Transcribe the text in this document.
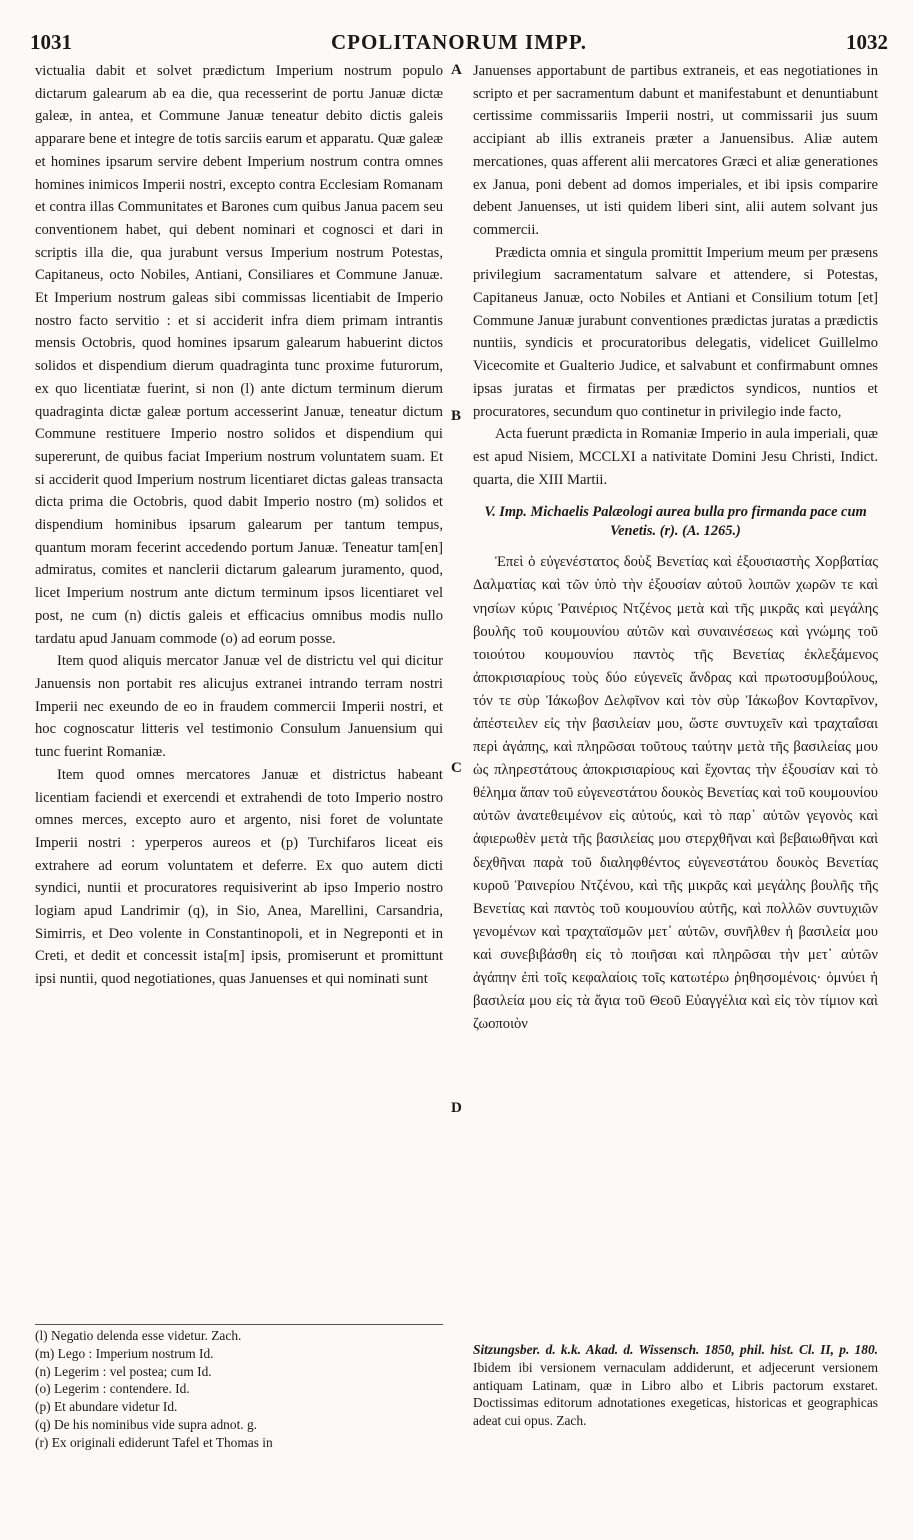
1031	CPOLITANORUM IMPP.	1032
A
B
C
D

victualia dabit et solvet prædictum Imperium nostrum populo dictarum galearum ab ea die, qua recesserint de portu Januæ dictæ galeæ, in antea, et Commune Januæ teneatur debito dictis galeis apparare bene et integre de totis sarciis earum et apparatu. Quæ galeæ et homines ipsarum servire debent Imperium nostrum contra omnes homines inimicos Imperii nostri, excepto contra Ecclesiam Romanam et contra illas Communitates et Barones cum quibus Janua pacem seu conventionem habet, qui debent nominari et cognosci et dari in scriptis illa die, qua jurabunt versus Imperium nostrum Potestas, Capitaneus, octo Nobiles, Antiani, Consiliares et Commune Januæ. Et Imperium nostrum galeas sibi commissas licentiabit de Imperio nostro facto servitio : et si acciderit infra diem primam intrantis mensis Octobris, quod homines ipsarum galearum habuerint dictos solidos et dispendium dierum quadraginta tunc proxime futurorum, ex quo licentiatæ fuerint, si non (l) ante dictum terminum dierum quadraginta dictæ galeæ portum accesserint Januæ, teneatur dictum Commune restituere Imperio nostro solidos et dispendium qui supererunt, de quibus faciat Imperium nostrum voluntatem suam. Et si acciderit quod Imperium nostrum licentiaret dictas galeas transacta dicta prima die Octobris, quod dabit Imperio nostro (m) solidos et dispendium hominibus ipsarum galearum per tantum tempus, quantum moram fecerint accedendo portum Januæ. Teneatur tam[en] admiratus, comites et nanclerii dictarum galearum juramento, quod, licet Imperium nostrum ante dictum terminum ipsos licentiaret vel post, ne cum (n) dictis galeis et efficacius omnibus modis nullo tardatu apud Januam commode (o) ad eorum posse.

Item quod aliquis mercator Januæ vel de districtu vel qui dicitur Januensis non portabit res alicujus extranei intrando terram nostri Imperii nec exeundo de eo in fraudem commercii Imperii nostri, et hoc cognoscatur litteris vel testimonio Consulum Januensium qui tunc fuerint Romaniæ.

Item quod omnes mercatores Januæ et districtus habeant licentiam faciendi et exercendi et extrahendi de toto Imperio nostro omnes merces, excepto auro et argento, nisi foret de voluntate Imperii nostri : yperperos aureos et (p) Turchifaros liceat eis extrahere ad eorum voluntatem et deferre. Ex quo autem dicti syndici, nuntii et procuratores requisiverint ab ipso Imperio nostro logiam apud Landrimir (q), in Sio, Anea, Marellini, Carsandria, Simirris, et Deo volente in Constantinopoli, et in Negreponti et in Creti, et dedit et concessit ista[m] ipsis, promiserunt et promittunt ipsi nuntii, quod negotiationes, quas Januenses et qui nominati sunt

Januenses apportabunt de partibus extraneis, et eas negotiationes in scripto et per sacramentum dabunt et manifestabunt et denuntiabunt certissime commissariis Imperii nostri, ut commissarii jus suum accipiant ab illis extraneis præter a Januensibus. Aliæ autem mercationes, quas afferent alii mercatores Græci et aliæ generationes ex Janua, poni debent ad domos imperiales, et ibi ipsis comparire debent Januenses, ut isti quidem liberi sint, alii autem solvant jus commercii.

Prædicta omnia et singula promittit Imperium meum per præsens privilegium sacramentatum salvare et attendere, si Potestas, Capitaneus Januæ, octo Nobiles et Antiani et Consilium totum [et] Commune Januæ jurabunt conventiones prædictas juratas a prædictis nuntiis, syndicis et procuratoribus delegatis, videlicet Guillelmo Vicecomite et Gualterio Judice, et salvabunt et confirmabunt omnes ipsas juratas et firmatas per prædictos syndicos, nuntios et procuratores, secundum quo continetur in privilegio inde facto,

Acta fuerunt prædicta in Romaniæ Imperio in aula imperiali, quæ est apud Nisiem, MCCLXI a nativitate Domini Jesu Christi, Indict. quarta, die XIII Martii.

V. Imp. Michaelis Palæologi aurea bulla pro firmanda pace cum Venetis. (r). (A. 1265.)

Ἐπεὶ ὁ εὐγενέστατος δοὺξ Βενετίας καὶ ἐξουσιαστὴς Χορβατίας Δαλματίας καὶ τῶν ὑπὸ τὴν ἐξουσίαν αὐτοῦ λοιπῶν χωρῶν τε καὶ νησίων κύρις Ῥαινέριος Ντζένος μετὰ καὶ τῆς μικρᾶς καὶ μεγάλης βουλῆς τοῦ κουμουνίου αὐτῶν καὶ συναινέσεως καὶ γνώμης τοῦ τοιούτου κουμουνίου παντὸς τῆς Βενετίας ἐκλεξάμενος ἀποκρισιαρίους τοὺς δύο εὐγενεῖς ἄνδρας καὶ πρωτοσυμβούλους, τόν τε σὺρ Ἰάκωβον Δελφῖνον καὶ τὸν σὺρ Ἰάκωβον Κονταρῖνον, ἀπέστειλεν εἰς τὴν βασιλείαν μου, ὥστε συντυχεῖν καὶ τραχταΐσαι περὶ ἀγάπης, καὶ πληρῶσαι τοῦτους ταύτην μετὰ τῆς βασιλείας μου ὡς πληρεστάτους ἀποκρισιαρίους καὶ ἔχοντας τὴν ἐξουσίαν καὶ τὸ θέλημα ἅπαν τοῦ εὐγενεστάτου δουκὸς Βενετίας καὶ τοῦ κουμουνίου αὐτῶν ἀνατεθειμένον εἰς αὐτούς, καὶ τὸ παρ᾽ αὐτῶν γεγονὸς καὶ ἀφιερωθὲν μετὰ τῆς βασιλείας μου στερχθῆναι καὶ βεβαιωθῆναι καὶ δεχθῆναι παρὰ τοῦ διαληφθέντος εὐγενεστάτου δουκὸς Βενετίας κυροῦ Ῥαινερίου Ντζένου, καὶ τῆς μικρᾶς καὶ μεγάλης βουλῆς τῆς Βενετίας καὶ παντὸς τοῦ κουμουνίου αὐτῆς, καὶ πολλῶν συντυχιῶν γενομένων καὶ τραχταϊσμῶν μετ᾽ αὐτῶν, συνῆλθεν ἡ βασιλεία μου καὶ συνεβιβάσθη εἰς τὸ ποιῆσαι καὶ πληρῶσαι τὴν μετ᾽ αὐτῶν ἀγάπην ἐπὶ τοῖς κεφαλαίοις τοῖς κατωτέρω ῥηθησομένοις· ὀμνύει ἡ βασιλεία μου εἰς τὰ ἅγια τοῦ Θεοῦ Εὐαγγέλια καὶ εἰς τὸν τίμιον καὶ ζωοποιὸν

(l) Negatio delenda esse videtur. Zach.
(m) Lego : Imperium nostrum Id.
(n) Legerim : vel postea; cum Id.
(o) Legerim : contendere. Id.
(p) Et abundare videtur Id.
(q) De his nominibus vide supra adnot. g.
(r) Ex originali ediderunt Tafel et Thomas in
Sitzungsber. d. k.k. Akad. d. Wissensch. 1850, phil. hist. Cl. II, p. 180. Ibidem ibi versionem vernaculam addiderunt, et adjecerunt versionem antiquam Latinam, quæ in Libro albo et Libris pactorum exstaret. Doctissimas editorum adnotationes exegeticas, historicas et geographicas adeat cui opus. Zach.
